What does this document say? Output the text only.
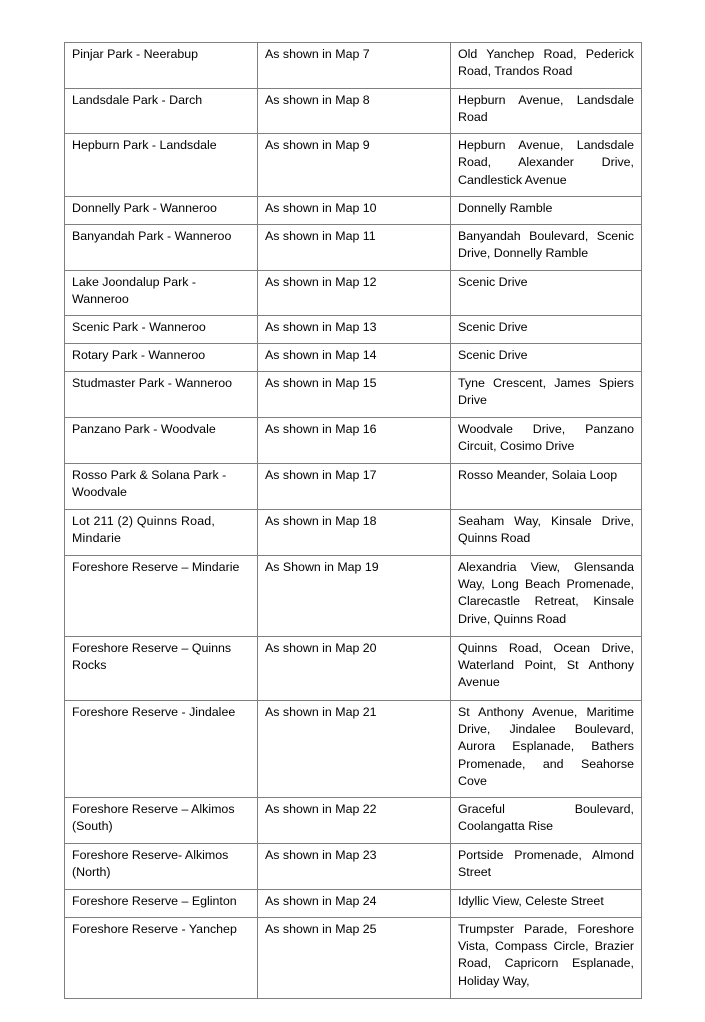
Pinjar Park - Neerabup	As shown in Map 7	Old Yanchep Road, Pederick Road, Trandos Road
Landsdale Park - Darch	As shown in Map 8	Hepburn Avenue, Landsdale Road
Hepburn Park - Landsdale	As shown in Map 9	Hepburn Avenue, Landsdale Road, Alexander Drive, Candlestick Avenue
Donnelly Park - Wanneroo	As shown in Map 10	Donnelly Ramble
Banyandah Park - Wanneroo	As shown in Map 11	Banyandah Boulevard, Scenic Drive, Donnelly Ramble
Lake Joondalup Park - Wanneroo	As shown in Map 12	Scenic Drive
Scenic Park - Wanneroo	As shown in Map 13	Scenic Drive
Rotary Park - Wanneroo	As shown in Map 14	Scenic Drive
Studmaster Park - Wanneroo	As shown in Map 15	Tyne Crescent, James Spiers Drive
Panzano Park - Woodvale	As shown in Map 16	Woodvale Drive, Panzano Circuit, Cosimo Drive
Rosso Park & Solana Park - Woodvale	As shown in Map 17	Rosso Meander, Solaia Loop
Lot 211 (2) Quinns Road, Mindarie	As shown in Map 18	Seaham Way, Kinsale Drive, Quinns Road
Foreshore Reserve – Mindarie	As Shown in Map 19	Alexandria View, Glensanda Way, Long Beach Promenade, Clarecastle Retreat, Kinsale Drive, Quinns Road
Foreshore Reserve – Quinns Rocks	As shown in Map 20	Quinns Road, Ocean Drive, Waterland Point, St Anthony Avenue
Foreshore Reserve - Jindalee	As shown in Map 21	St Anthony Avenue, Maritime Drive, Jindalee Boulevard, Aurora Esplanade, Bathers Promenade, and Seahorse Cove
Foreshore Reserve – Alkimos (South)	As shown in Map 22	Graceful Boulevard, Coolangatta Rise
Foreshore Reserve- Alkimos (North)	As shown in Map 23	Portside Promenade, Almond Street
Foreshore Reserve – Eglinton	As shown in Map 24	Idyllic View, Celeste Street
Foreshore Reserve - Yanchep	As shown in Map 25	Trumpster Parade, Foreshore Vista, Compass Circle, Brazier Road, Capricorn Esplanade, Holiday Way,
